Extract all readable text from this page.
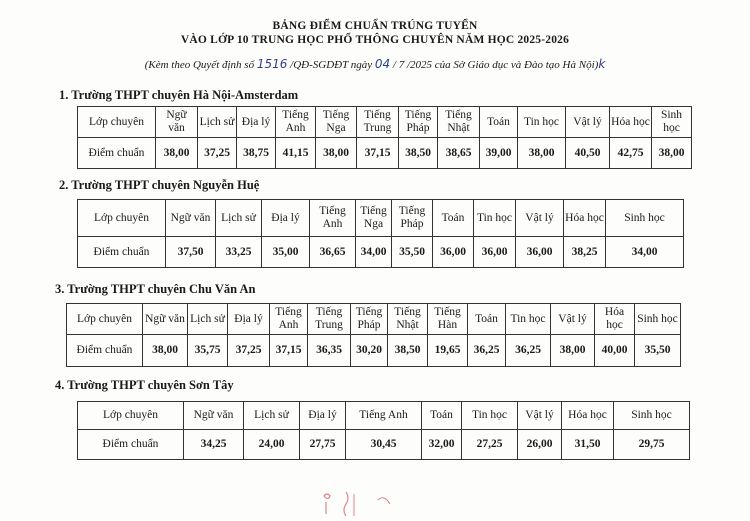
BẢNG ĐIỂM CHUẨN TRÚNG TUYỂN
VÀO LỚP 10 TRUNG HỌC PHỔ THÔNG CHUYÊN NĂM HỌC 2025-2026
(Kèm theo Quyết định số 1516 /QĐ-SGDĐT ngày 04 / 7 /2025 của Sở Giáo dục và Đào tạo Hà Nội)k
1. Trường THPT chuyên Hà Nội-Amsterdam
Lớp chuyên	Ngữ văn	Lịch sử	Địa lý	Tiếng Anh	Tiếng Nga	Tiếng Trung	Tiếng Pháp	Tiếng Nhật	Toán	Tin học	Vật lý	Hóa học	Sinh học
Điểm chuẩn	38,00	37,25	38,75	41,15	38,00	37,15	38,50	38,65	39,00	38,00	40,50	42,75	38,00
2. Trường THPT chuyên Nguyễn Huệ
Lớp chuyên	Ngữ văn	Lịch sử	Địa lý	Tiếng Anh	Tiếng Nga	Tiếng Pháp	Toán	Tin học	Vật lý	Hóa học	Sinh học
Điểm chuẩn	37,50	33,25	35,00	36,65	34,00	35,50	36,00	36,00	36,00	38,25	34,00
3. Trường THPT chuyên Chu Văn An
Lớp chuyên	Ngữ văn	Lịch sử	Địa lý	Tiếng Anh	Tiếng Trung	Tiếng Pháp	Tiếng Nhật	Tiếng Hàn	Toán	Tin học	Vật lý	Hóa học	Sinh học
Điểm chuẩn	38,00	35,75	37,25	37,15	36,35	30,20	38,50	19,65	36,25	36,25	38,00	40,00	35,50
4. Trường THPT chuyên Sơn Tây
Lớp chuyên	Ngữ văn	Lịch sử	Địa lý	Tiếng Anh	Toán	Tin học	Vật lý	Hóa học	Sinh học
Điểm chuẩn	34,25	24,00	27,75	30,45	32,00	27,25	26,00	31,50	29,75
